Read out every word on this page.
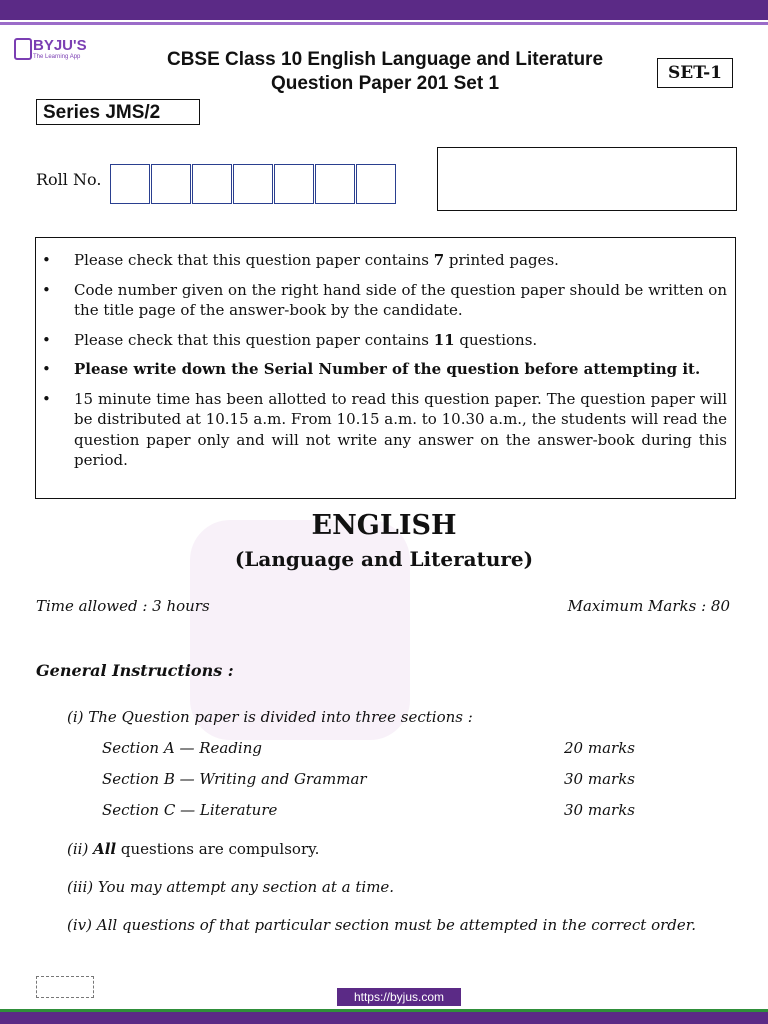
BYJU'S
The Learning App	CBSE Class 10 English Language and Literature
Question Paper 201 Set 1	SET-1
Series JMS/2
Roll No.
• Please check that this question paper contains 7 printed pages.
• Code number given on the right hand side of the question paper should be written on the title page of the answer-book by the candidate.
• Please check that this question paper contains 11 questions.
• Please write down the Serial Number of the question before attempting it.
• 15 minute time has been allotted to read this question paper. The question paper will be distributed at 10.15 a.m. From 10.15 a.m. to 10.30 a.m., the students will read the question paper only and will not write any answer on the answer-book during this period.
ENGLISH
(Language and Literature)
Time allowed : 3 hours	Maximum Marks : 80
General Instructions :
(i) The Question paper is divided into three sections :
Section A — Reading	20 marks
Section B — Writing and Grammar	30 marks
Section C — Literature	30 marks
(ii) All questions are compulsory.
(iii) You may attempt any section at a time.
(iv) All questions of that particular section must be attempted in the correct order.
https://byjus.com
